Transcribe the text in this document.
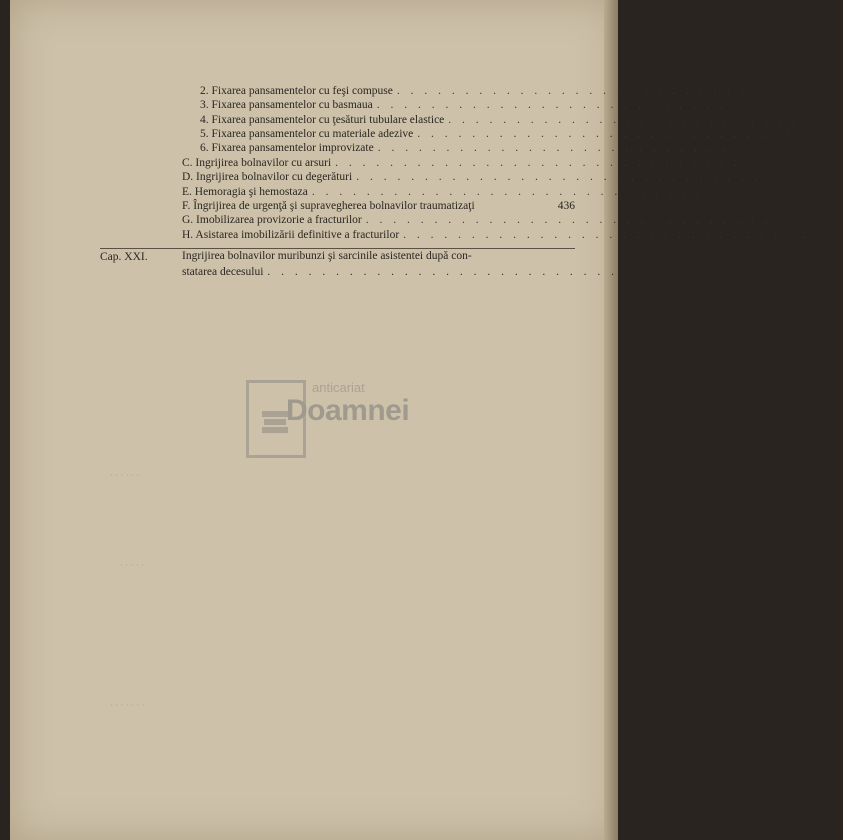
· · · · · ·
· · · · ·
· · · · · · ·
2. Fixarea pansamentelor cu feşi compuse . . . . . . . . . . . . . . . . . . . . . . . . . .	418
3. Fixarea pansamentelor cu basmaua . . . . . . . . . . . . . . . . . . . . . . . . . .	419
4. Fixarea pansamentelor cu ţesături tubulare elastice . . . . . . . . . . . . . . . . . . . . . . . . . .	420
5. Fixarea pansamentelor cu materiale adezive . . . . . . . . . . . . . . . . . . . . . . . . . .	420
6. Fixarea pansamentelor improvizate . . . . . . . . . . . . . . . . . . . . . . . . . .	421
C. Ingrijirea bolnavilor cu arsuri . . . . . . . . . . . . . . . . . . . . . . . . . . . . . .	421
D. Ingrijirea bolnavilor cu degerături . . . . . . . . . . . . . . . . . . . . . . . . . . . . . .	425
E. Hemoragia şi hemostaza . . . . . . . . . . . . . . . . . . . . . . . . . . . . . .	427
F. Îngrijirea de urgenţă şi supravegherea bolnavilor traumatizaţi	436
G. Imobilizarea provizorie a fracturilor . . . . . . . . . . . . . . . . . . . . . . . . . . . . . .	439
H. Asistarea imobilizării definitive a fracturilor . . . . . . . . . . . . . . . . . . . . . . . . . . . . . .	444
Cap. XXI.	Ingrijirea bolnavilor muribunzi şi sarcinile asistentei după con-
statarea decesului . . . . . . . . . . . . . . . . . . . . . . . . . . . . . . 451
anticariat
Doamnei
